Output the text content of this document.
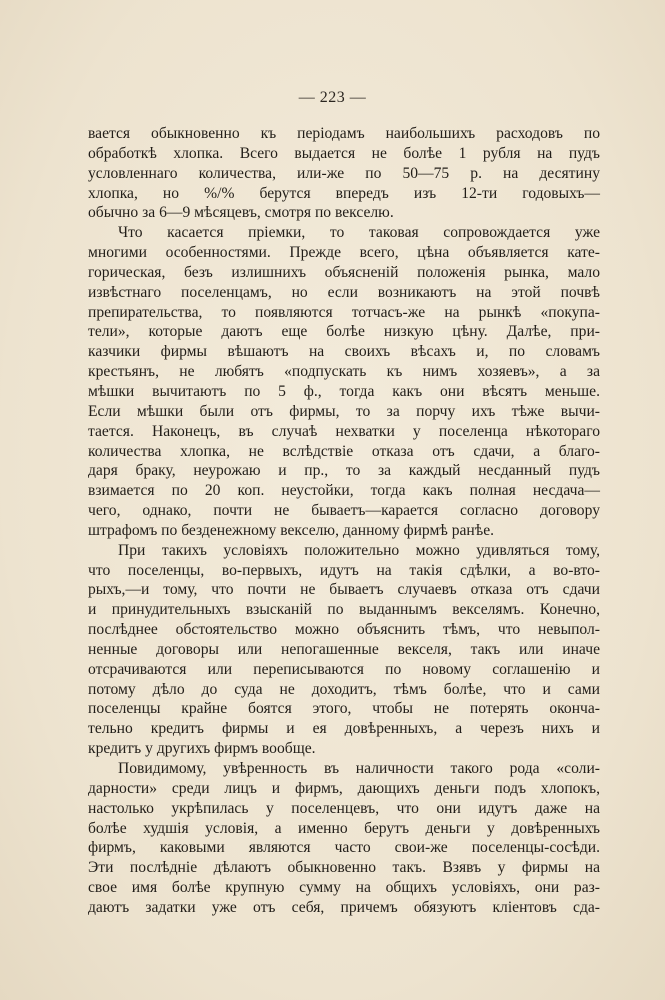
— 223 —
вается обыкновенно къ періодамъ наибольшихъ расходовъ по
обработкѣ хлопка. Всего выдается не болѣе 1 рубля на пудъ
условленнаго количества, или-же по 50—75 р. на десятину
хлопка, но %/% берутся впередъ изъ 12-ти годовыхъ—
обычно за 6—9 мѣсяцевъ, смотря по векселю.
Что касается пріемки, то таковая сопровождается уже
многими особенностями. Прежде всего, цѣна объявляется кате-
горическая, безъ излишнихъ объясненій положенія рынка, мало
извѣстнаго поселенцамъ, но если возникаютъ на этой почвѣ
препирательства, то появляются тотчасъ-же на рынкѣ «покупа-
тели», которые даютъ еще болѣе низкую цѣну. Далѣе, при-
казчики фирмы вѣшаютъ на своихъ вѣсахъ и, по словамъ
крестьянъ, не любятъ «подпускать къ нимъ хозяевъ», а за
мѣшки вычитаютъ по 5 ф., тогда какъ они вѣсятъ меньше.
Если мѣшки были отъ фирмы, то за порчу ихъ тѣже вычи-
тается. Наконецъ, въ случаѣ нехватки у поселенца нѣкотораго
количества хлопка, не вслѣдствіе отказа отъ сдачи, а благо-
даря браку, неурожаю и пр., то за каждый несданный пудъ
взимается по 20 коп. неустойки, тогда какъ полная несдача—
чего, однако, почти не бываетъ—карается согласно договору
штрафомъ по безденежному векселю, данному фирмѣ ранѣе.
При такихъ условіяхъ положительно можно удивляться тому,
что поселенцы, во-первыхъ, идутъ на такія сдѣлки, а во-вто-
рыхъ,—и тому, что почти не бываетъ случаевъ отказа отъ сдачи
и принудительныхъ взысканій по выданнымъ векселямъ. Конечно,
послѣднее обстоятельство можно объяснить тѣмъ, что невыпол-
ненные договоры или непогашенные векселя, такъ или иначе
отсрачиваются или переписываются по новому соглашенію и
потому дѣло до суда не доходитъ, тѣмъ болѣе, что и сами
поселенцы крайне боятся этого, чтобы не потерять оконча-
тельно кредитъ фирмы и ея довѣренныхъ, а черезъ нихъ и
кредитъ у другихъ фирмъ вообще.
Повидимому, увѣренность въ наличности такого рода «соли-
дарности» среди лицъ и фирмъ, дающихъ деньги подъ хлопокъ,
настолько укрѣпилась у поселенцевъ, что они идутъ даже на
болѣе худшія условія, а именно берутъ деньги у довѣренныхъ
фирмъ, каковыми являются часто свои-же поселенцы-сосѣди.
Эти послѣдніе дѣлаютъ обыкновенно такъ. Взявъ у фирмы на
свое имя болѣе крупную сумму на общихъ условіяхъ, они раз-
даютъ задатки уже отъ себя, причемъ обязуютъ кліентовъ сда-
